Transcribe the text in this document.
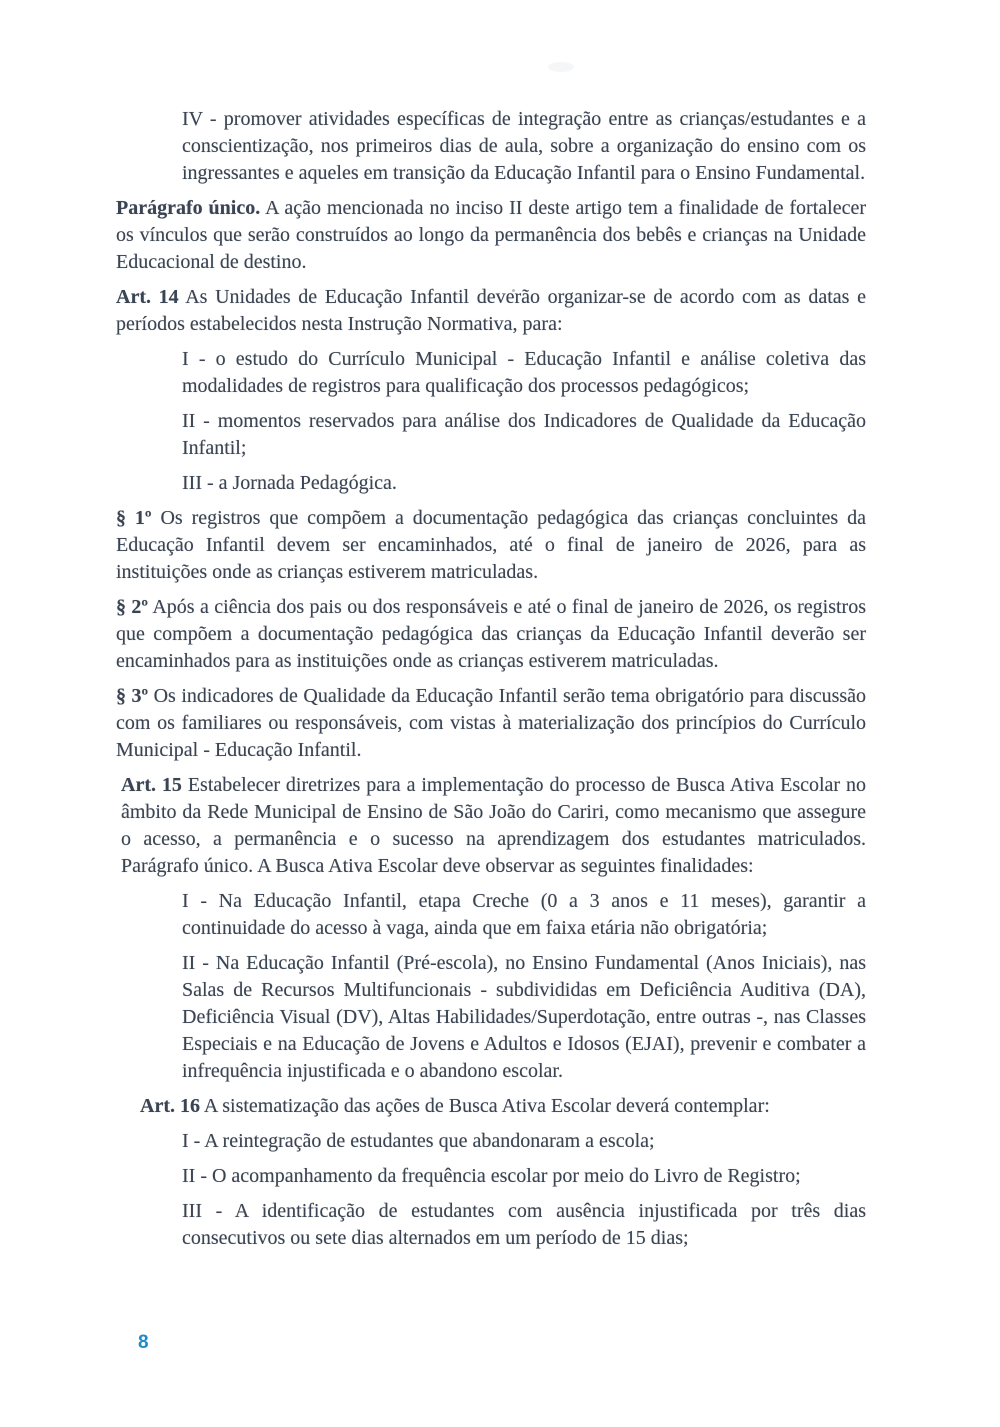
IV - promover atividades específicas de integração entre as crianças/estudantes e a conscientização, nos primeiros dias de aula, sobre a organização do ensino com os ingressantes e aqueles em transição da Educação Infantil para o Ensino Fundamental.

Parágrafo único. A ação mencionada no inciso II deste artigo tem a finalidade de fortalecer os vínculos que serão construídos ao longo da permanência dos bebês e crianças na Unidade Educacional de destino.

Art. 14 As Unidades de Educação Infantil deverão organizar-se de acordo com as datas e períodos estabelecidos nesta Instrução Normativa, para:

I - o estudo do Currículo Municipal - Educação Infantil e análise coletiva das modalidades de registros para qualificação dos processos pedagógicos;

II - momentos reservados para análise dos Indicadores de Qualidade da Educação Infantil;

III - a Jornada Pedagógica.

§ 1º Os registros que compõem a documentação pedagógica das crianças concluintes da Educação Infantil devem ser encaminhados, até o final de janeiro de 2026, para as instituições onde as crianças estiverem matriculadas.

§ 2º Após a ciência dos pais ou dos responsáveis e até o final de janeiro de 2026, os registros que compõem a documentação pedagógica das crianças da Educação Infantil deverão ser encaminhados para as instituições onde as crianças estiverem matriculadas.

§ 3º Os indicadores de Qualidade da Educação Infantil serão tema obrigatório para discussão com os familiares ou responsáveis, com vistas à materialização dos princípios do Currículo Municipal - Educação Infantil.

Art. 15 Estabelecer diretrizes para a implementação do processo de Busca Ativa Escolar no âmbito da Rede Municipal de Ensino de São João do Cariri, como mecanismo que assegure o acesso, a permanência e o sucesso na aprendizagem dos estudantes matriculados. Parágrafo único. A Busca Ativa Escolar deve observar as seguintes finalidades:

I - Na Educação Infantil, etapa Creche (0 a 3 anos e 11 meses), garantir a continuidade do acesso à vaga, ainda que em faixa etária não obrigatória;

II - Na Educação Infantil (Pré-escola), no Ensino Fundamental (Anos Iniciais), nas Salas de Recursos Multifuncionais - subdivididas em Deficiência Auditiva (DA), Deficiência Visual (DV), Altas Habilidades/Superdotação, entre outras -, nas Classes Especiais e na Educação de Jovens e Adultos e Idosos (EJAI), prevenir e combater a infrequência injustificada e o abandono escolar.

Art. 16 A sistematização das ações de Busca Ativa Escolar deverá contemplar:

I - A reintegração de estudantes que abandonaram a escola;

II - O acompanhamento da frequência escolar por meio do Livro de Registro;

III - A identificação de estudantes com ausência injustificada por três dias consecutivos ou sete dias alternados em um período de 15 dias;

8
